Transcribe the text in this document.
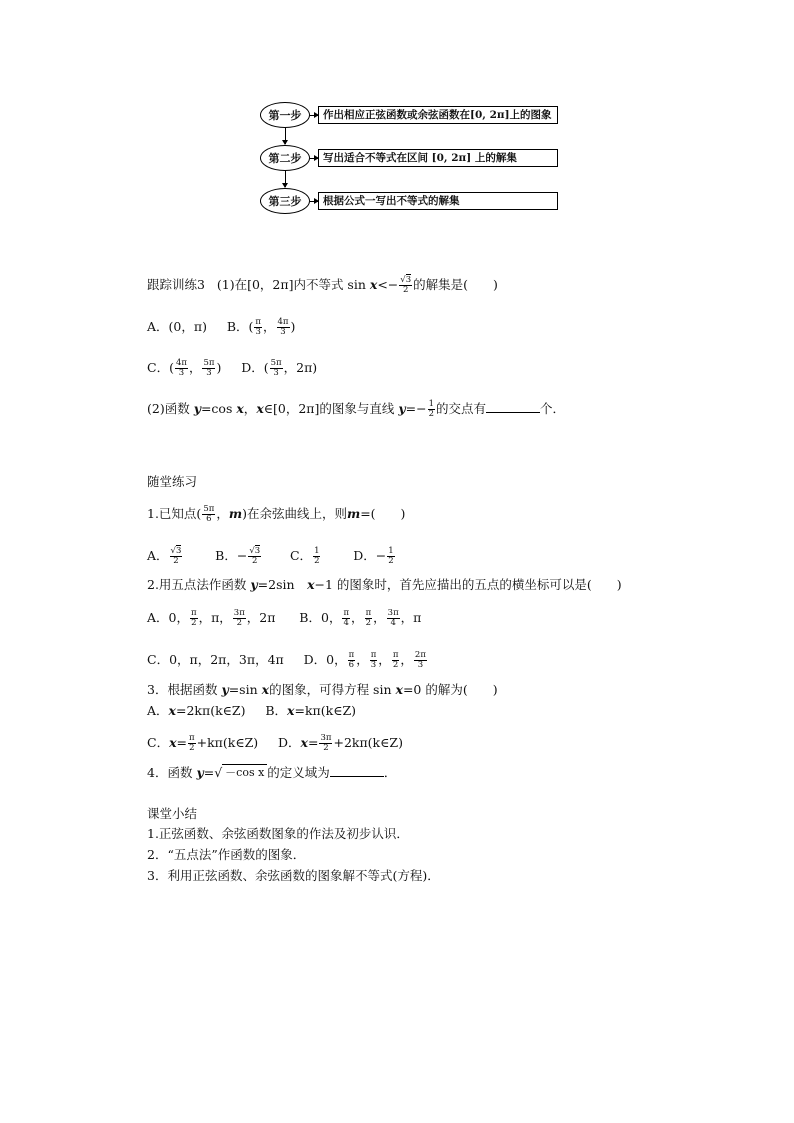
第一步	作出相应正弦函数或余弦函数在[0, 2π]上的图象
第二步	写出适合不等式在区间 [0, 2π] 上的解集
第三步	根据公式一写出不等式的解集
跟踪训练3 (1)在[0，2π]内不等式 $\sin x<- \frac{√3}{2}$ 的解集是(　　)
A．(0，π) B．( $\frac{\pi}{3}$ ， $\frac{4\pi}{3}$ )
C．( $\frac{4\pi}{3}$ ， $\frac{5\pi}{3}$ )     D．( $\frac{5\pi}{3}$ ，2π)
(2)函数 y=cos x，x∈[0，2π]的图象与直线 $y=- \frac{1}{2}$ 的交点有	个．
随堂练习
1.已知点( $\frac{5\pi}{6}$ ，m)在余弦曲线上，则m=(　　)
A． $\frac{√3}{2}$ B．− $\frac{√3}{2}$ C． $\frac{1}{2}$ D．− $\frac{1}{2}$
2.用五点法作函数 y=2sin　x−1 的图象时，首先应描出的五点的横坐标可以是(　　)
A．0， $\frac{\pi}{2}$ ，π， $\frac{3\pi}{2}$ ，2π      B．0， $\frac{\pi}{4}$ ， $\frac{\pi}{2}$ ， $\frac{3\pi}{4}$ ，π
C．0，π，2π，3π，4π     D．0， $\frac{\pi}{6}$ ， $\frac{\pi}{3}$ ， $\frac{\pi}{2}$ ， $\frac{2\pi}{3}$
3．根据函数 y=sin x的图象，可得方程 sin x=0 的解为(　　)
A．x=2kπ(k∈Z)     B．x=kπ(k∈Z)
C．$x= \frac{\pi}{2}$ +kπ(k∈Z)     D．$x= \frac{3\pi}{2}$ +2kπ(k∈Z)
4．函数 y=√ －cos x 的定义域为	．
课堂小结
1.正弦函数、余弦函数图象的作法及初步认识．
2．“五点法”作函数的图象．
3．利用正弦函数、余弦函数的图象解不等式(方程)．
